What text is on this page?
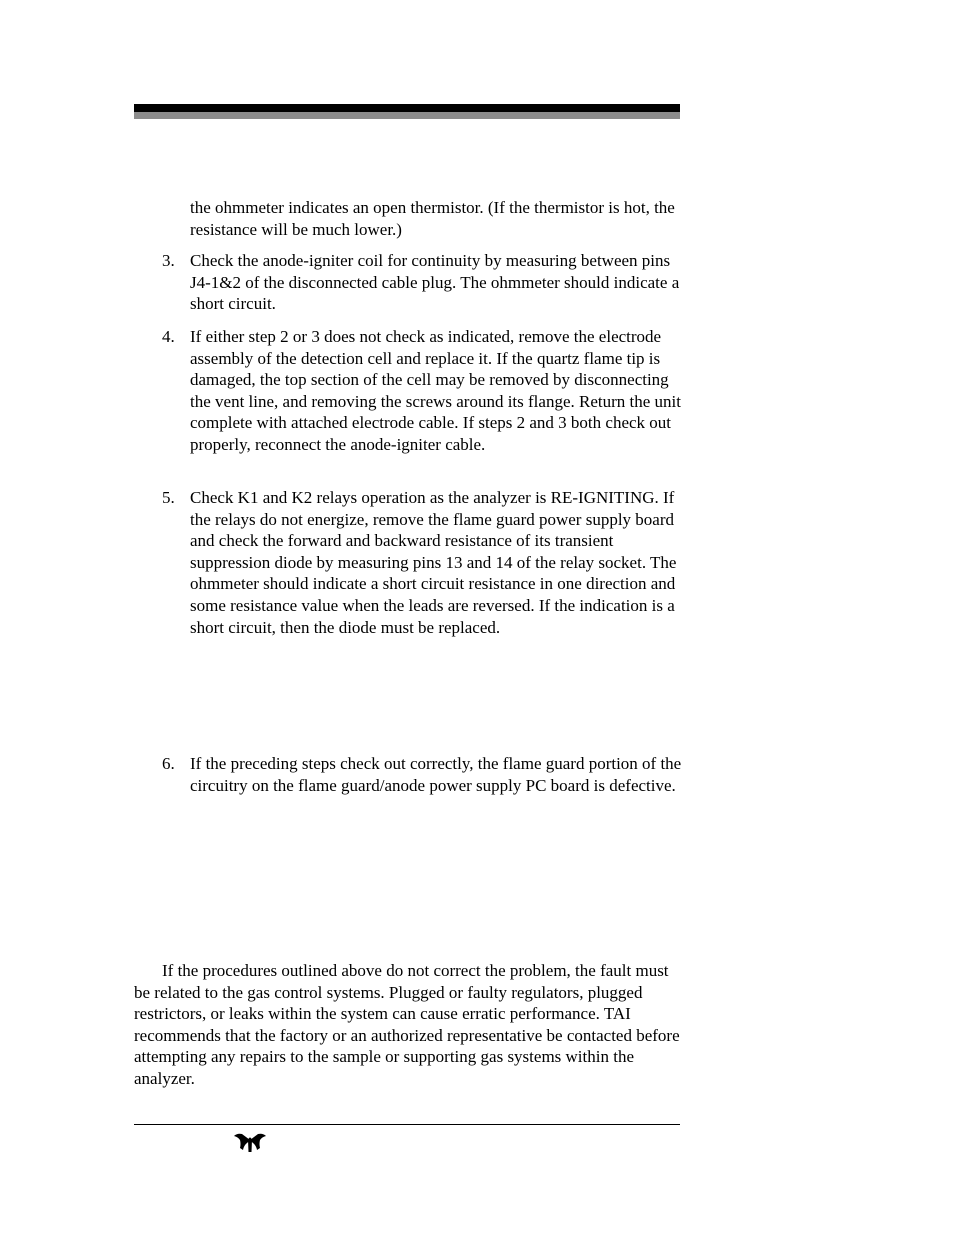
the ohmmeter indicates an open thermistor. (If the thermistor is hot, the resistance will be much lower.)

3. Check the anode-igniter coil for continuity by measuring between pins J4-1&2 of the disconnected cable plug. The ohmmeter should indicate a short circuit.
4. If either step 2 or 3 does not check as indicated, remove the electrode assembly of the detection cell and replace it. If the quartz flame tip is damaged, the top section of the cell may be removed by disconnecting the vent line, and removing the screws around its flange. Return the unit complete with attached electrode cable. If steps 2 and 3 both check out properly, reconnect the anode-igniter cable.
5. Check K1 and K2 relays operation as the analyzer is RE-IGNITING. If the relays do not energize, remove the flame guard power supply board and check the forward and backward resistance of its transient suppression diode by measuring pins 13 and 14 of the relay socket. The ohmmeter should indicate a short circuit resistance in one direction and some resistance value when the leads are reversed. If the indication is a short circuit, then the diode must be replaced.
6. If the preceding steps check out correctly, the flame guard portion of the circuitry on the flame guard/anode power supply PC board is defective.

If the procedures outlined above do not correct the problem, the fault must be related to the gas control systems. Plugged or faulty regulators, plugged restrictors, or leaks within the system can cause erratic performance. TAI recommends that the factory or an authorized representative be contacted before attempting any repairs to the sample or supporting gas systems within the analyzer.
